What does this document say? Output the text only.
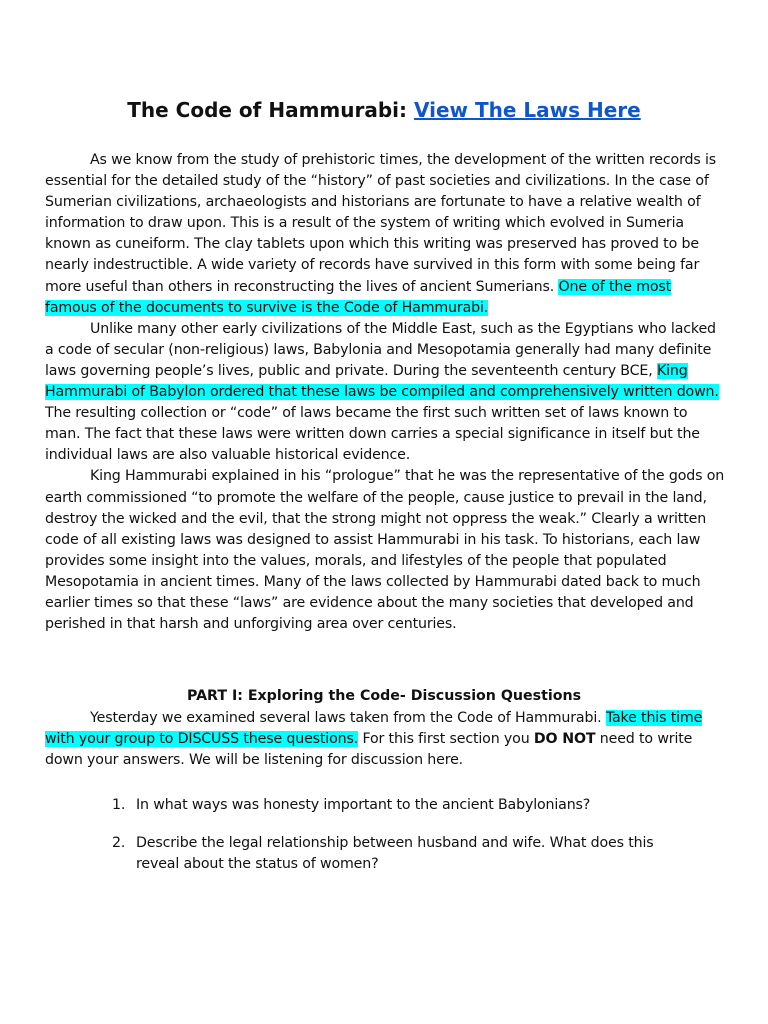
The Code of Hammurabi: View The Laws Here

As we know from the study of prehistoric times, the development of the written records is essential for the detailed study of the “history” of past societies and civilizations. In the case of Sumerian civilizations, archaeologists and historians are fortunate to have a relative wealth of information to draw upon. This is a result of the system of writing which evolved in Sumeria known as cuneiform. The clay tablets upon which this writing was preserved has proved to be nearly indestructible. A wide variety of records have survived in this form with some being far more useful than others in reconstructing the lives of ancient Sumerians. One of the most famous of the documents to survive is the Code of Hammurabi.

Unlike many other early civilizations of the Middle East, such as the Egyptians who lacked a code of secular (non-religious) laws, Babylonia and Mesopotamia generally had many definite laws governing people’s lives, public and private. During the seventeenth century BCE, King Hammurabi of Babylon ordered that these laws be compiled and comprehensively written down. The resulting collection or “code” of laws became the first such written set of laws known to man. The fact that these laws were written down carries a special significance in itself but the individual laws are also valuable historical evidence.

King Hammurabi explained in his “prologue” that he was the representative of the gods on earth commissioned “to promote the welfare of the people, cause justice to prevail in the land, destroy the wicked and the evil, that the strong might not oppress the weak.” Clearly a written code of all existing laws was designed to assist Hammurabi in his task. To historians, each law provides some insight into the values, morals, and lifestyles of the people that populated Mesopotamia in ancient times. Many of the laws collected by Hammurabi dated back to much earlier times so that these “laws” are evidence about the many societies that developed and perished in that harsh and unforgiving area over centuries.

PART I: Exploring the Code- Discussion Questions

Yesterday we examined several laws taken from the Code of Hammurabi. Take this time with your group to DISCUSS these questions. For this first section you DO NOT need to write down your answers. We will be listening for discussion here.

1. In what ways was honesty important to the ancient Babylonians?
2. Describe the legal relationship between husband and wife. What does this reveal about the status of women?
